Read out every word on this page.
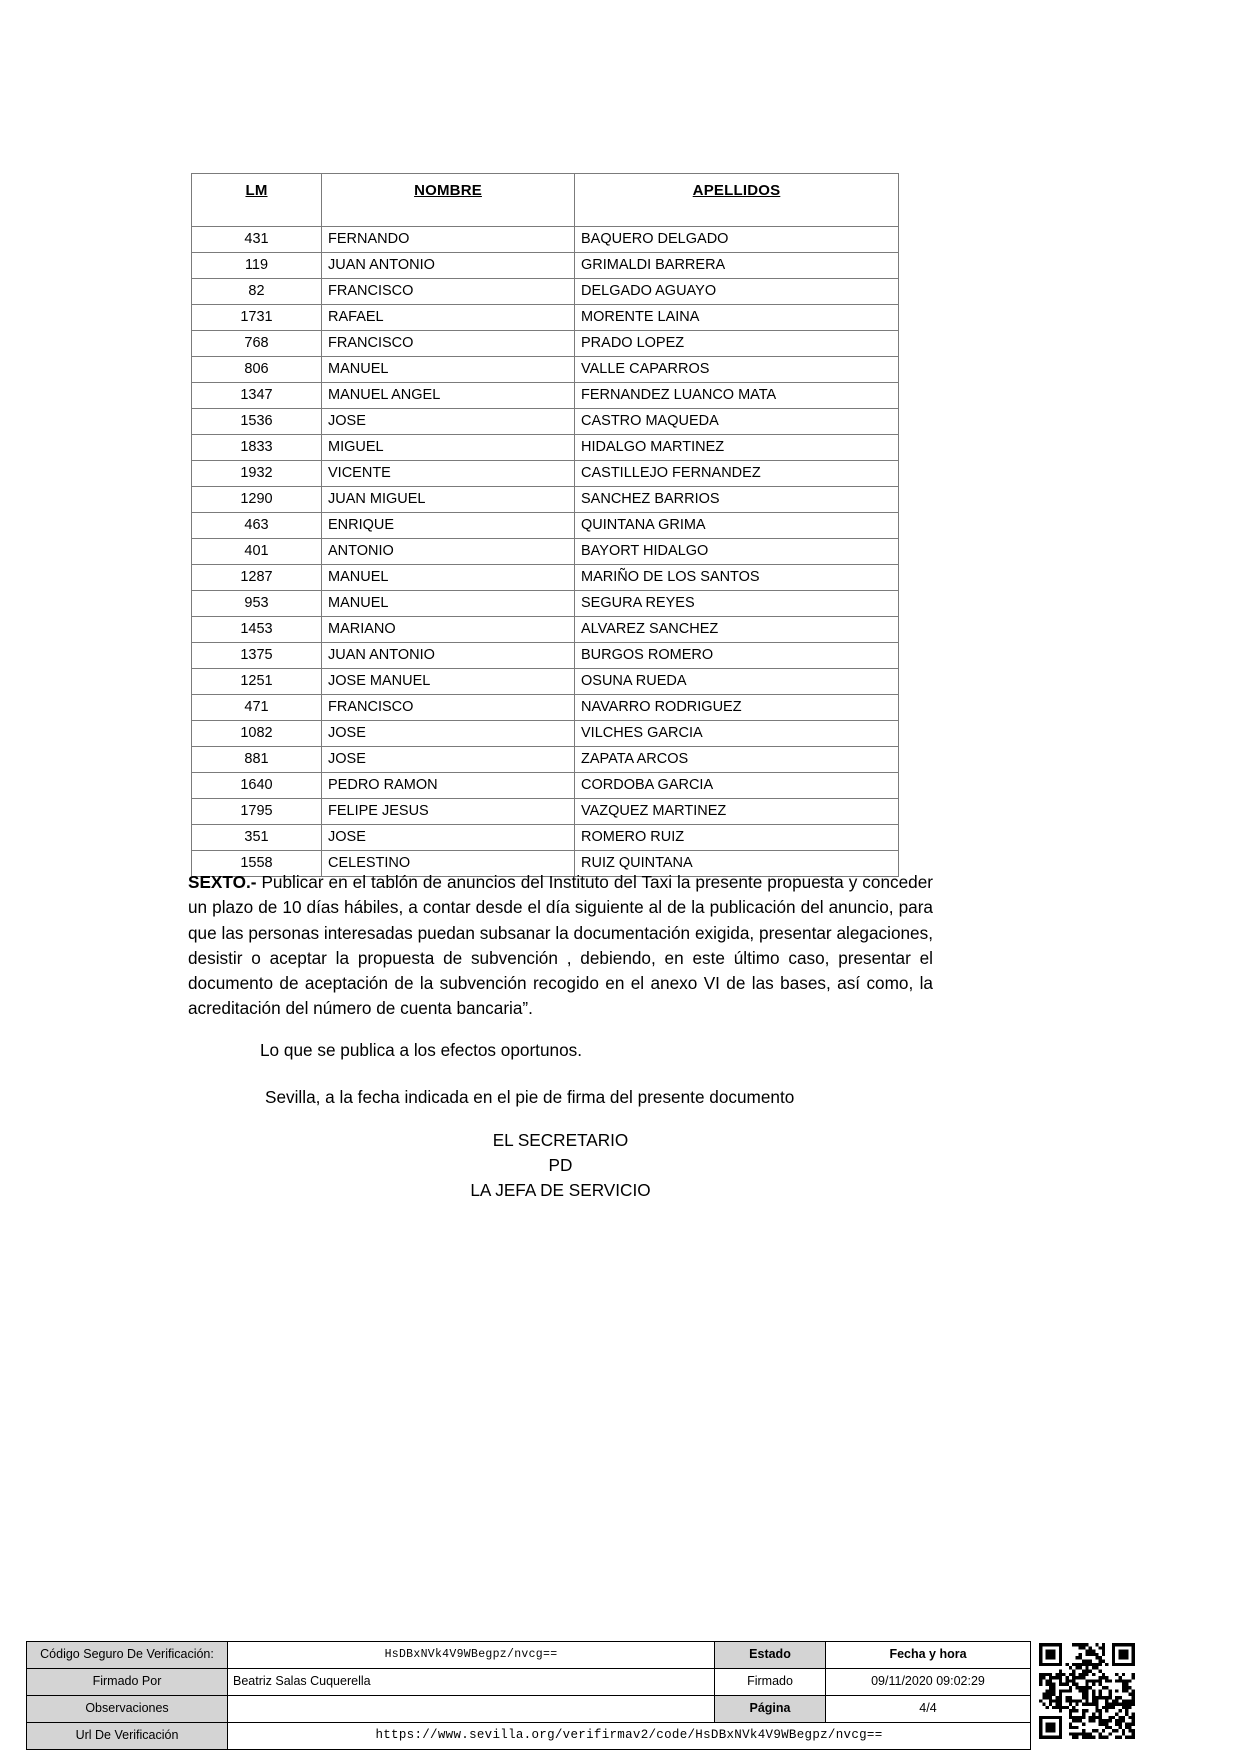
LM	NOMBRE	APELLIDOS
431	FERNANDO	BAQUERO DELGADO
119	JUAN ANTONIO	GRIMALDI BARRERA
82	FRANCISCO	DELGADO AGUAYO
1731	RAFAEL	MORENTE LAINA
768	FRANCISCO	PRADO LOPEZ
806	MANUEL	VALLE CAPARROS
1347	MANUEL ANGEL	FERNANDEZ LUANCO MATA
1536	JOSE	CASTRO MAQUEDA
1833	MIGUEL	HIDALGO MARTINEZ
1932	VICENTE	CASTILLEJO FERNANDEZ
1290	JUAN MIGUEL	SANCHEZ BARRIOS
463	ENRIQUE	QUINTANA GRIMA
401	ANTONIO	BAYORT HIDALGO
1287	MANUEL	MARIÑO DE LOS SANTOS
953	MANUEL	SEGURA REYES
1453	MARIANO	ALVAREZ SANCHEZ
1375	JUAN ANTONIO	BURGOS ROMERO
1251	JOSE MANUEL	OSUNA RUEDA
471	FRANCISCO	NAVARRO RODRIGUEZ
1082	JOSE	VILCHES GARCIA
881	JOSE	ZAPATA ARCOS
1640	PEDRO RAMON	CORDOBA GARCIA
1795	FELIPE JESUS	VAZQUEZ MARTINEZ
351	JOSE	ROMERO RUIZ
1558	CELESTINO	RUIZ QUINTANA
SEXTO.- Publicar en el tablón de anuncios del Instituto del Taxi la presente propuesta y conceder un plazo de 10 días hábiles, a contar desde el día siguiente al de la publicación del anuncio, para que las personas interesadas puedan subsanar la documentación exigida, presentar alegaciones, desistir o aceptar la propuesta de subvención , debiendo, en este último caso, presentar el documento de aceptación de la subvención recogido en el anexo VI de las bases, así como, la acreditación del número de cuenta bancaria”.
Lo que se publica a los efectos oportunos.
Sevilla, a la fecha indicada en el pie de firma del presente documento
EL SECRETARIO
PD
LA JEFA DE SERVICIO
Código Seguro De Verificación:	HsDBxNVk4V9WBegpz/nvcg==	Estado	Fecha y hora
Firmado Por	Beatriz Salas Cuquerella	Firmado	09/11/2020 09:02:29
Observaciones		Página	4/4
Url De Verificación	https://www.sevilla.org/verifirmav2/code/HsDBxNVk4V9WBegpz/nvcg==		
